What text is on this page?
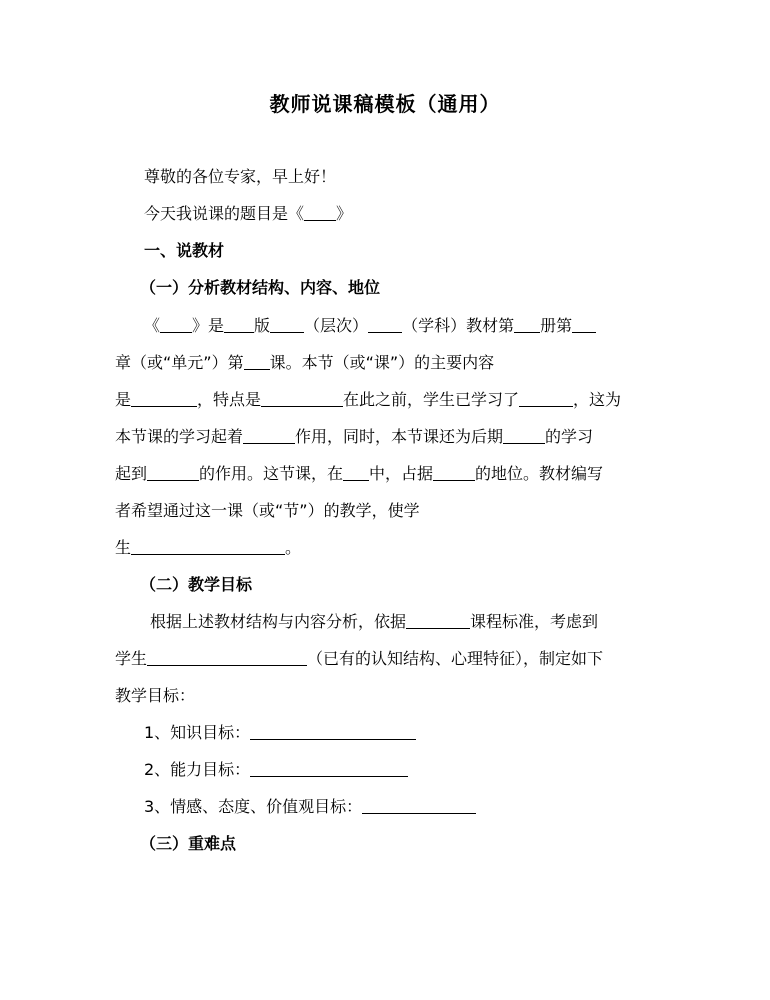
教师说课稿模板（通用）
尊敬的各位专家，早上好！
今天我说课的题目是《 》
一、说教材
（一）分析教材结构、内容、地位
《 》是 版 （层次） （学科）教材第 册第
章（或“单元”）第 课。本节（或“课”）的主要内容
是	，特点是	在此之前，学生已学习了	，这为
本节课的学习起着	作用，同时，本节课还为后期	的学习
起到	的作用。这节课，在 中，占据	的地位。教材编写
者希望通过这一课（或“节”）的教学，使学
生	。
（二）教学目标
根据上述教材结构与内容分析，依据	课程标准，考虑到
学生	（已有的认知结构、心理特征），制定如下
教学目标：
1、知识目标：
2、能力目标：
3、情感、态度、价值观目标：
（三）重难点
